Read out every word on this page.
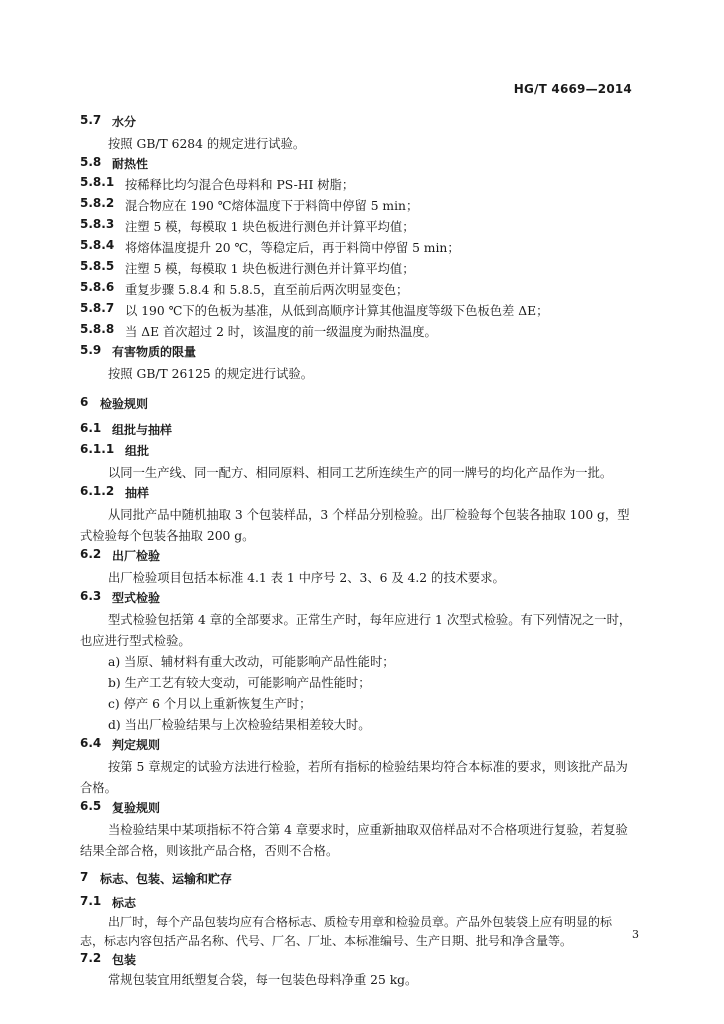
HG/T 4669—2014
5.7 水分
按照 GB/T 6284 的规定进行试验。
5.8 耐热性
5.8.1 按稀释比均匀混合色母料和 PS-HI 树脂；
5.8.2 混合物应在 190 ℃熔体温度下于料筒中停留 5 min；
5.8.3 注塑 5 模，每模取 1 块色板进行测色并计算平均值；
5.8.4 将熔体温度提升 20 ℃，等稳定后，再于料筒中停留 5 min；
5.8.5 注塑 5 模，每模取 1 块色板进行测色并计算平均值；
5.8.6 重复步骤 5.8.4 和 5.8.5，直至前后两次明显变色；
5.8.7 以 190 ℃下的色板为基准，从低到高顺序计算其他温度等级下色板色差 ΔE；
5.8.8 当 ΔE 首次超过 2 时，该温度的前一级温度为耐热温度。
5.9 有害物质的限量
按照 GB/T 26125 的规定进行试验。
6 检验规则
6.1 组批与抽样
6.1.1 组批
以同一生产线、同一配方、相同原料、相同工艺所连续生产的同一牌号的均化产品作为一批。
6.1.2 抽样
从同批产品中随机抽取 3 个包装样品，3 个样品分别检验。出厂检验每个包装各抽取 100 g，型
式检验每个包装各抽取 200 g。
6.2 出厂检验
出厂检验项目包括本标准 4.1 表 1 中序号 2、3、6 及 4.2 的技术要求。
6.3 型式检验
型式检验包括第 4 章的全部要求。正常生产时，每年应进行 1 次型式检验。有下列情况之一时，
也应进行型式检验。
a) 当原、辅材料有重大改动，可能影响产品性能时；
b) 生产工艺有较大变动，可能影响产品性能时；
c) 停产 6 个月以上重新恢复生产时；
d) 当出厂检验结果与上次检验结果相差较大时。
6.4 判定规则
按第 5 章规定的试验方法进行检验，若所有指标的检验结果均符合本标准的要求，则该批产品为
合格。
6.5 复验规则
当检验结果中某项指标不符合第 4 章要求时，应重新抽取双倍样品对不合格项进行复验，若复验
结果全部合格，则该批产品合格，否则不合格。
7 标志、包装、运输和贮存
7.1 标志
出厂时，每个产品包装均应有合格标志、质检专用章和检验员章。产品外包装袋上应有明显的标
志，标志内容包括产品名称、代号、厂名、厂址、本标准编号、生产日期、批号和净含量等。
7.2 包装
常规包装宜用纸塑复合袋，每一包装色母料净重 25 kg。
3
